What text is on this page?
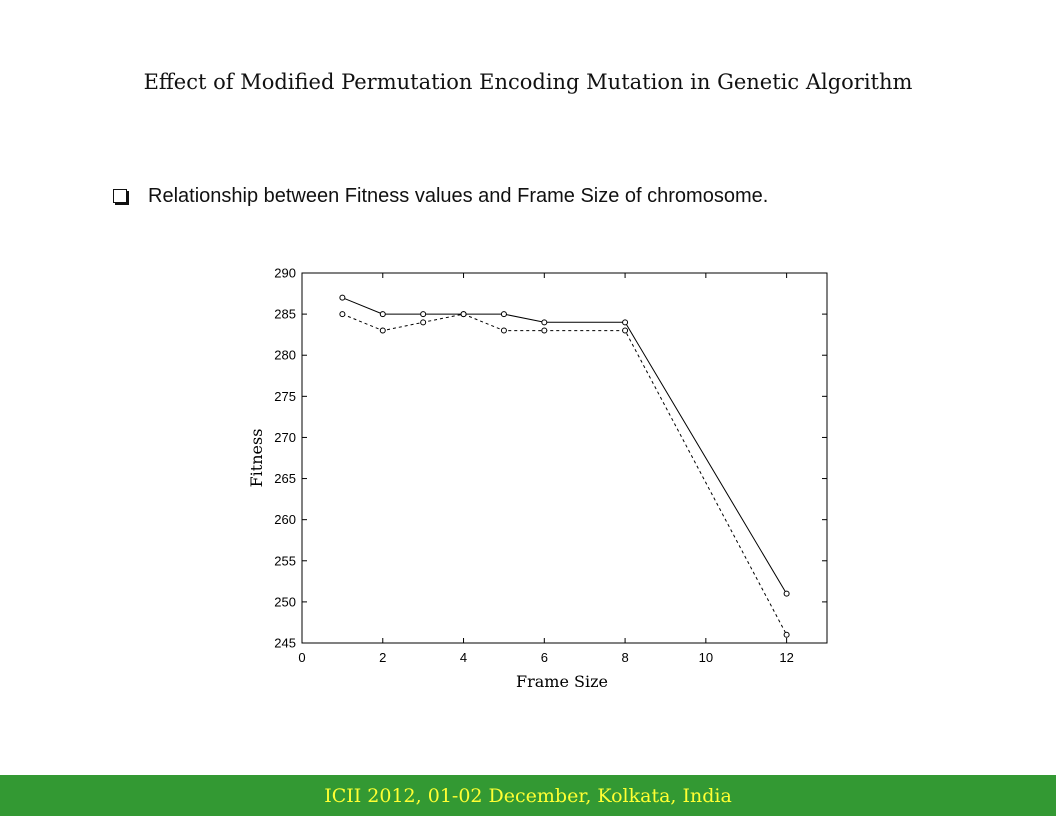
Effect of Modified Permutation Encoding Mutation in Genetic Algorithm
Relationship between Fitness values and Frame Size of chromosome.
0	2	4	6	8	10	12
245
250
255
260
265
270
275
280
285
290
Frame Size
Fitness
ICII 2012, 01-02 December, Kolkata, India
